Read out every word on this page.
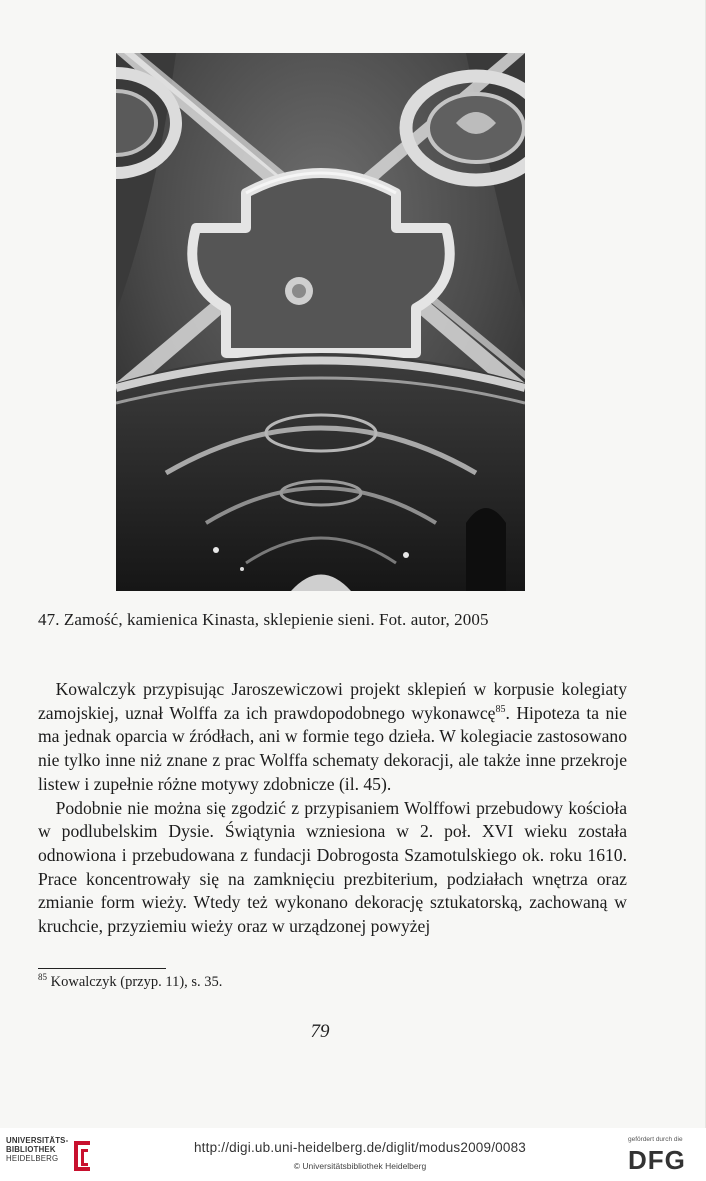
47. Zamość, kamienica Kinasta, sklepienie sieni. Fot. autor, 2005

 Kowalczyk przypisując Jaroszewiczowi projekt sklepień w korpusie kolegiaty zamojskiej, uznał Wolffa za ich prawdopodobnego wykonawcę$^{85}$. Hipoteza ta nie ma jednak oparcia w źródłach, ani w formie tego dzieła. W kolegiacie zastosowano nie tylko inne niż znane z prac Wolffa schematy dekoracji, ale także inne przekroje listew i zupełnie różne motywy zdobnicze (il. 45).

 Podobnie nie można się zgodzić z przypisaniem Wolffowi przebudowy kościoła w podlubelskim Dysie. Świątynia wzniesiona w 2. poł. XVI wieku została odnowiona i przebudowana z fundacji Dobrogosta Szamotulskiego ok. roku 1610. Prace koncentrowały się na zamknięciu prezbiterium, podziałach wnętrza oraz zmianie form wieży. Wtedy też wykonano dekorację sztukatorską, zachowaną w kruchcie, przyziemiu wieży oraz w urządzonej powyżej

$^{85}$ Kowalczyk (przyp. 11), s. 35.
79
UNIVERSITÄTS-
BIBLIOTHEK
HEIDELBERG
http://digi.ub.uni-heidelberg.de/diglit/modus2009/0083
© Universitätsbibliothek Heidelberg
gefördert durch die
DFG
